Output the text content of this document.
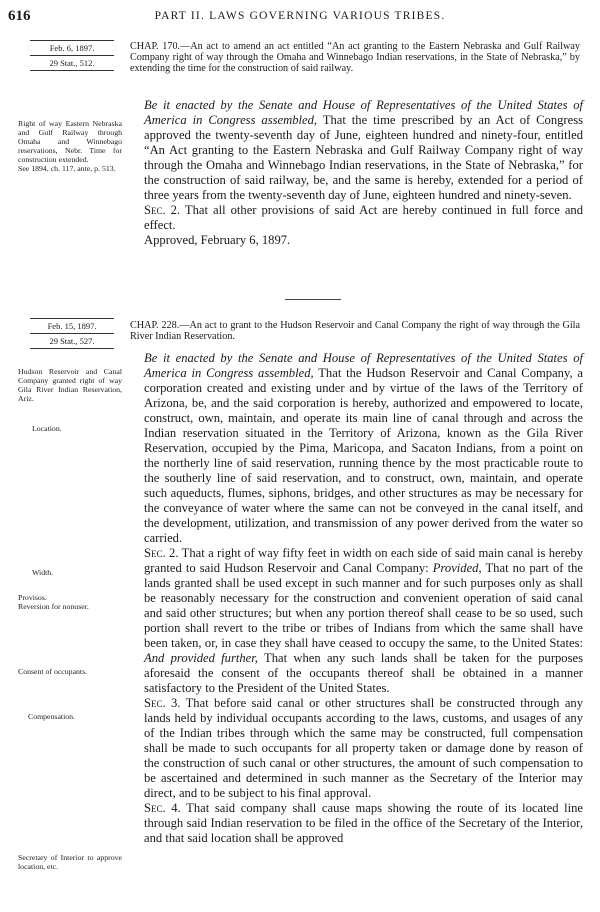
616	PART II. LAWS GOVERNING VARIOUS TRIBES.
Feb. 6, 1897.
29 Stat., 512.
CHAP. 170.—An act to amend an act entitled “An act granting to the Eastern Nebraska and Gulf Railway Company right of way through the Omaha and Winnebago Indian reservations, in the State of Nebraska,” by extending the time for the construction of said railway.
Right of way Eastern Nebraska and Gulf Railway through Omaha and Winnebago reservations, Nebr. Time for construction extended.
See 1894, ch. 117, ante, p. 513.

Be it enacted by the Senate and House of Representatives of the United States of America in Congress assembled, That the time prescribed by an Act of Congress approved the twenty-seventh day of June, eighteen hundred and ninety-four, entitled “An Act granting to the Eastern Nebraska and Gulf Railway Company right of way through the Omaha and Winnebago Indian reservations, in the State of Nebraska,” for the construction of said railway, be, and the same is hereby, extended for a period of three years from the twenty-seventh day of June, eighteen hundred and ninety-seven.

Sec. 2. That all other provisions of said Act are hereby continued in full force and effect.

Approved, February 6, 1897.

Feb. 15, 1897.
29 Stat., 527.
CHAP. 228.—An act to grant to the Hudson Reservoir and Canal Company the right of way through the Gila River Indian Reservation.
Hudson Reservoir and Canal Company granted right of way Gila River Indian Reservation, Ariz.
Location.
Width.
Provisos.
Reversion for nonuser.
Consent of occupants.
Compensation.
Secretary of Interior to approve location, etc.

Be it enacted by the Senate and House of Representatives of the United States of America in Congress assembled, That the Hudson Reservoir and Canal Company, a corporation created and existing under and by virtue of the laws of the Territory of Arizona, be, and the said corporation is hereby, authorized and empowered to locate, construct, own, maintain, and operate its main line of canal through and across the Indian reservation situated in the Territory of Arizona, known as the Gila River Reservation, occupied by the Pima, Maricopa, and Sacaton Indians, from a point on the northerly line of said reservation, running thence by the most practicable route to the southerly line of said reservation, and to construct, own, maintain, and operate such aqueducts, flumes, siphons, bridges, and other structures as may be necessary for the conveyance of water where the same can not be conveyed in the canal itself, and the development, utilization, and transmission of any power derived from the water so carried.

Sec. 2. That a right of way fifty feet in width on each side of said main canal is hereby granted to said Hudson Reservoir and Canal Company: Provided, That no part of the lands granted shall be used except in such manner and for such purposes only as shall be reasonably necessary for the construction and convenient operation of said canal and said other structures; but when any portion thereof shall cease to be so used, such portion shall revert to the tribe or tribes of Indians from which the same shall have been taken, or, in case they shall have ceased to occupy the same, to the United States: And provided further, That when any such lands shall be taken for the purposes aforesaid the consent of the occupants thereof shall be obtained in a manner satisfactory to the President of the United States.

Sec. 3. That before said canal or other structures shall be constructed through any lands held by individual occupants according to the laws, customs, and usages of any of the Indian tribes through which the same may be constructed, full compensation shall be made to such occupants for all property taken or damage done by reason of the construction of such canal or other structures, the amount of such compensation to be ascertained and determined in such manner as the Secretary of the Interior may direct, and to be subject to his final approval.

Sec. 4. That said company shall cause maps showing the route of its located line through said Indian reservation to be filed in the office of the Secretary of the Interior, and that said location shall be approved
